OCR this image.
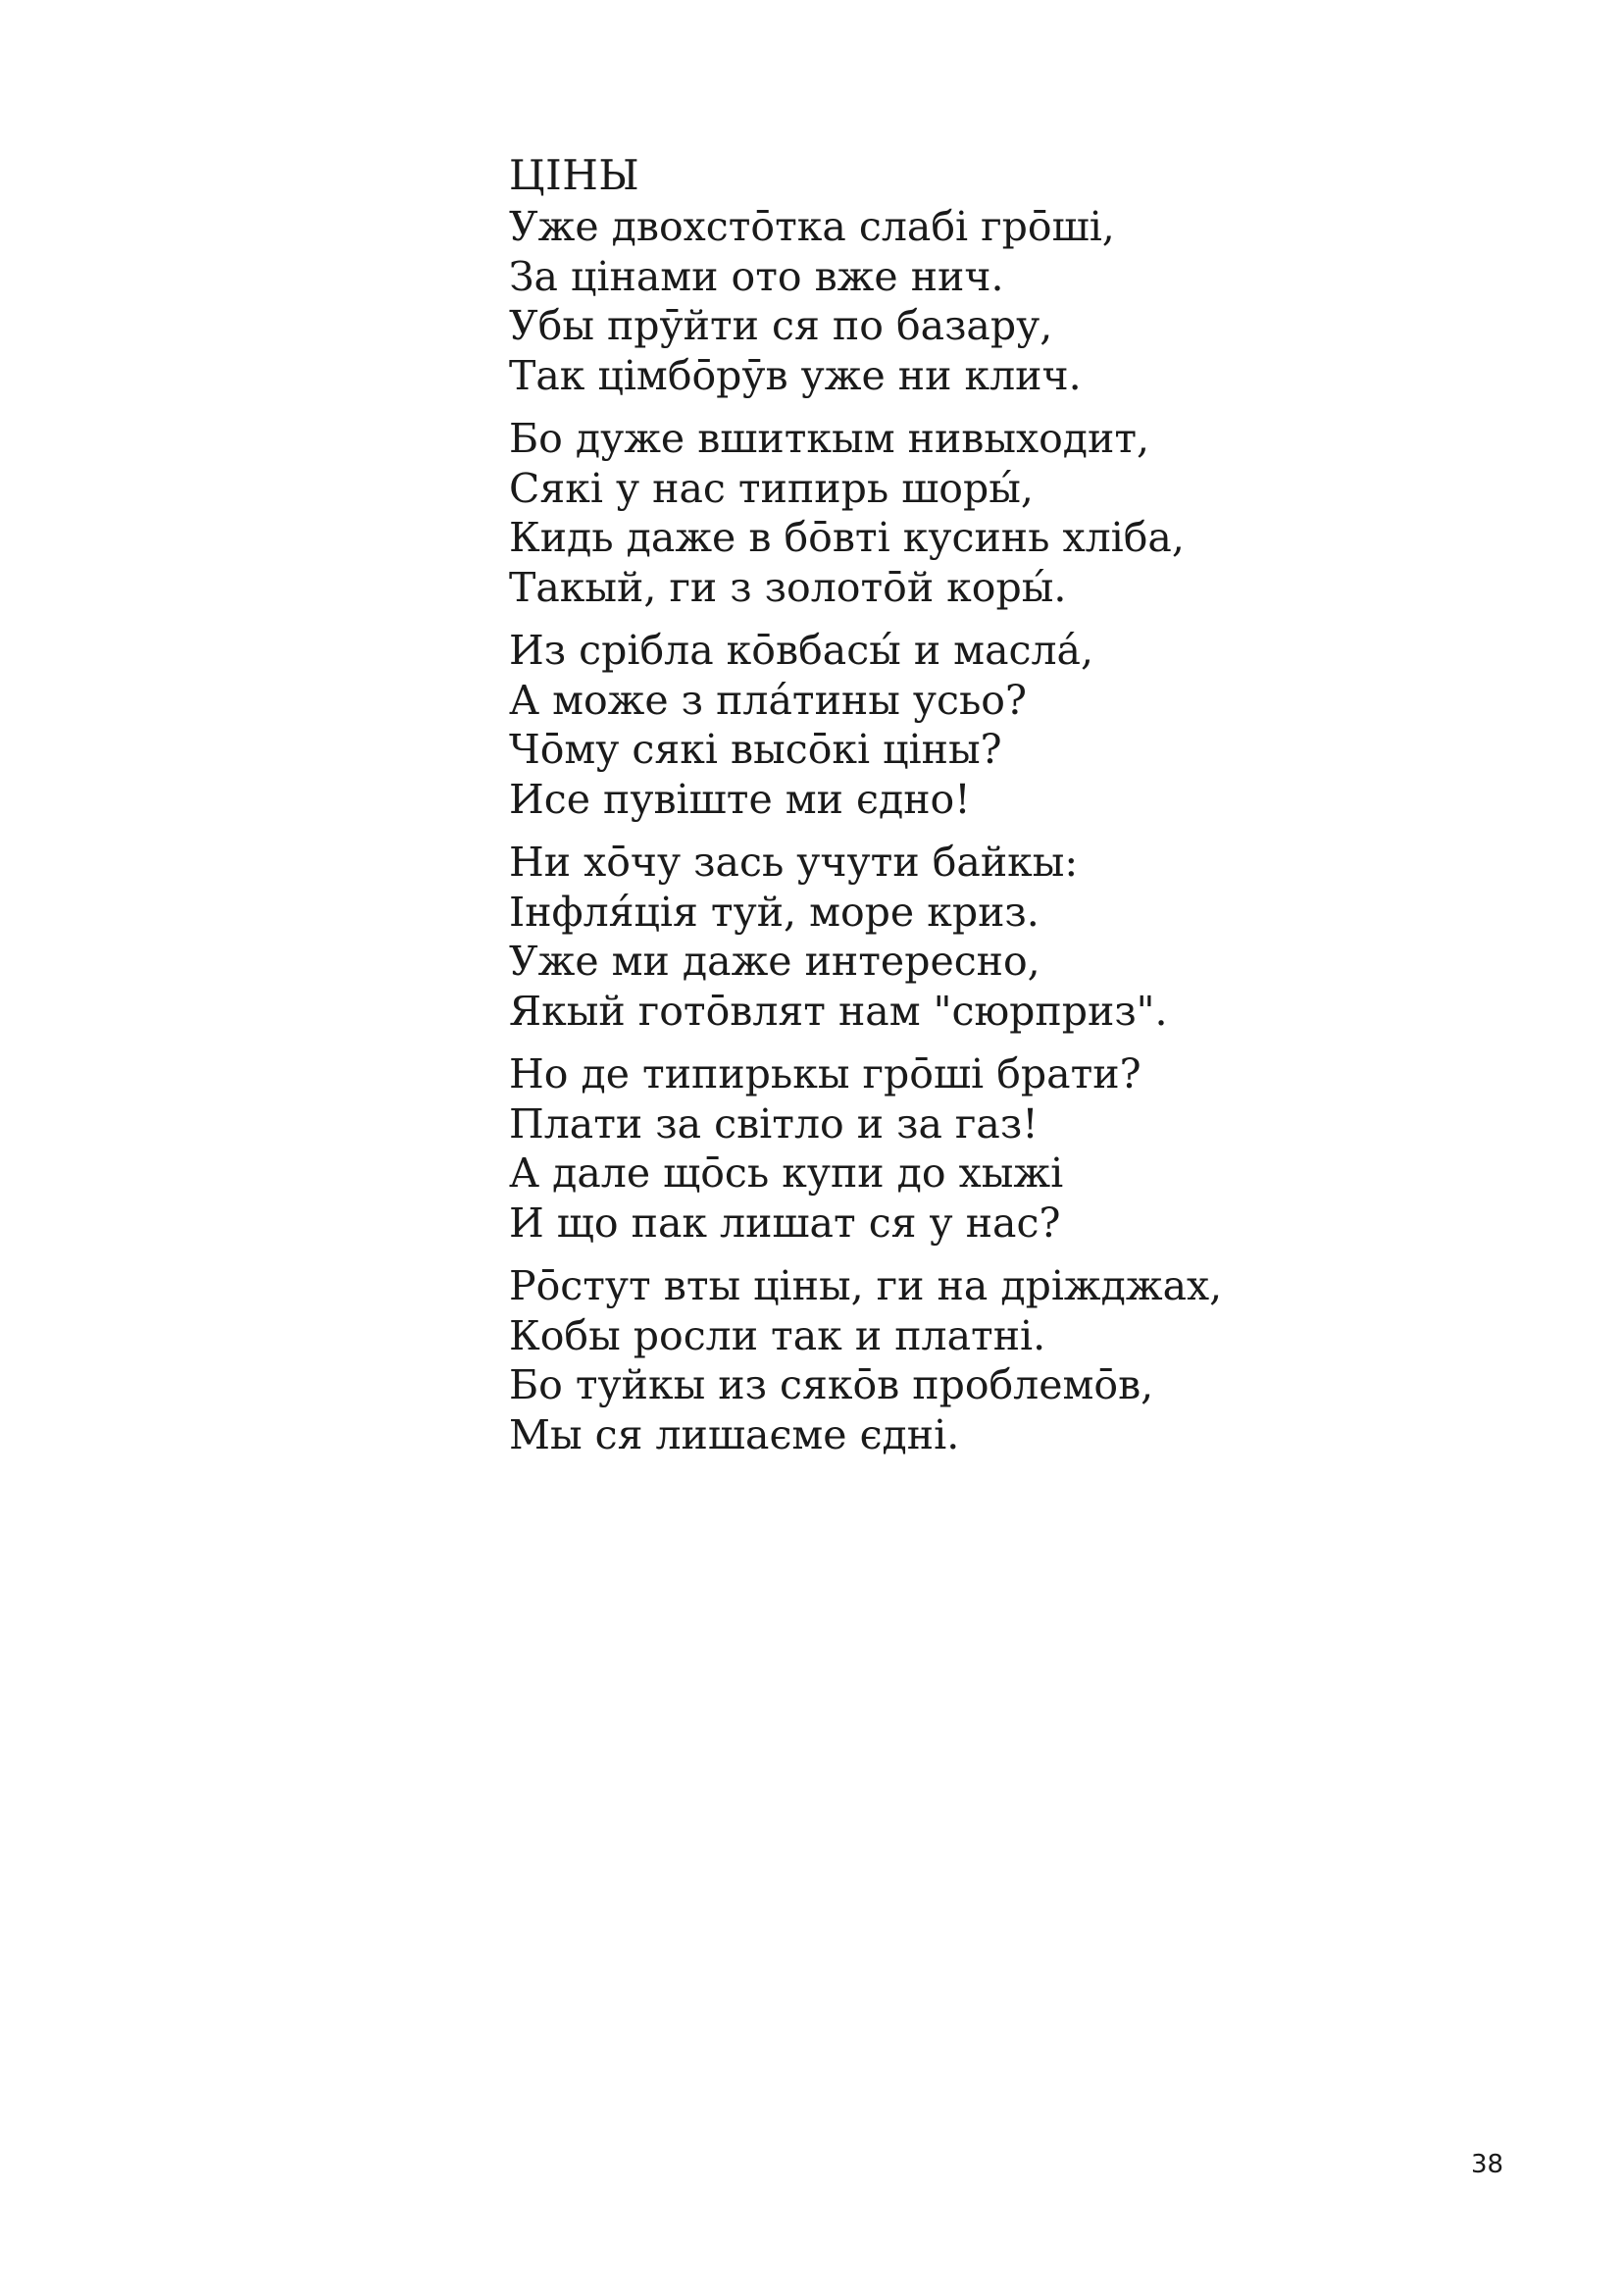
ЦІНЫ
Уже двохсто̄тка слабі гро̄ші,
За цінами ото вже нич.
Убы прӯйти ся по базару,
Так цімбо̄рӯв уже ни клич.
Бо дуже вшиткым нивыходит,
Сякі у нас типирь шоры́,
Кидь даже в бо̄вті кусинь хліба,
Такый, ги з золото̄й коры́.
Из срібла ко̄вбасы́ и масла́,
А може з пла́тины усьо?
Чо̄му сякі высо̄кі ціны?
Исе пувіште ми єдно!
Ни хо̄чу зась учути байкы:
Інфля́ція туй, море криз.
Уже ми даже интересно,
Якый гото̄влят нам "сюрприз".
Но де типирькы гро̄ші брати?
Плати за світло и за газ!
А дале що̄сь купи до хыжі
И що пак лишат ся у нас?
Ро̄стут вты ціны, ги на дріжджах,
Кобы росли так и платні.
Бо туйкы из сяко̄в проблемо̄в,
Мы ся лишаєме єдні.
38
